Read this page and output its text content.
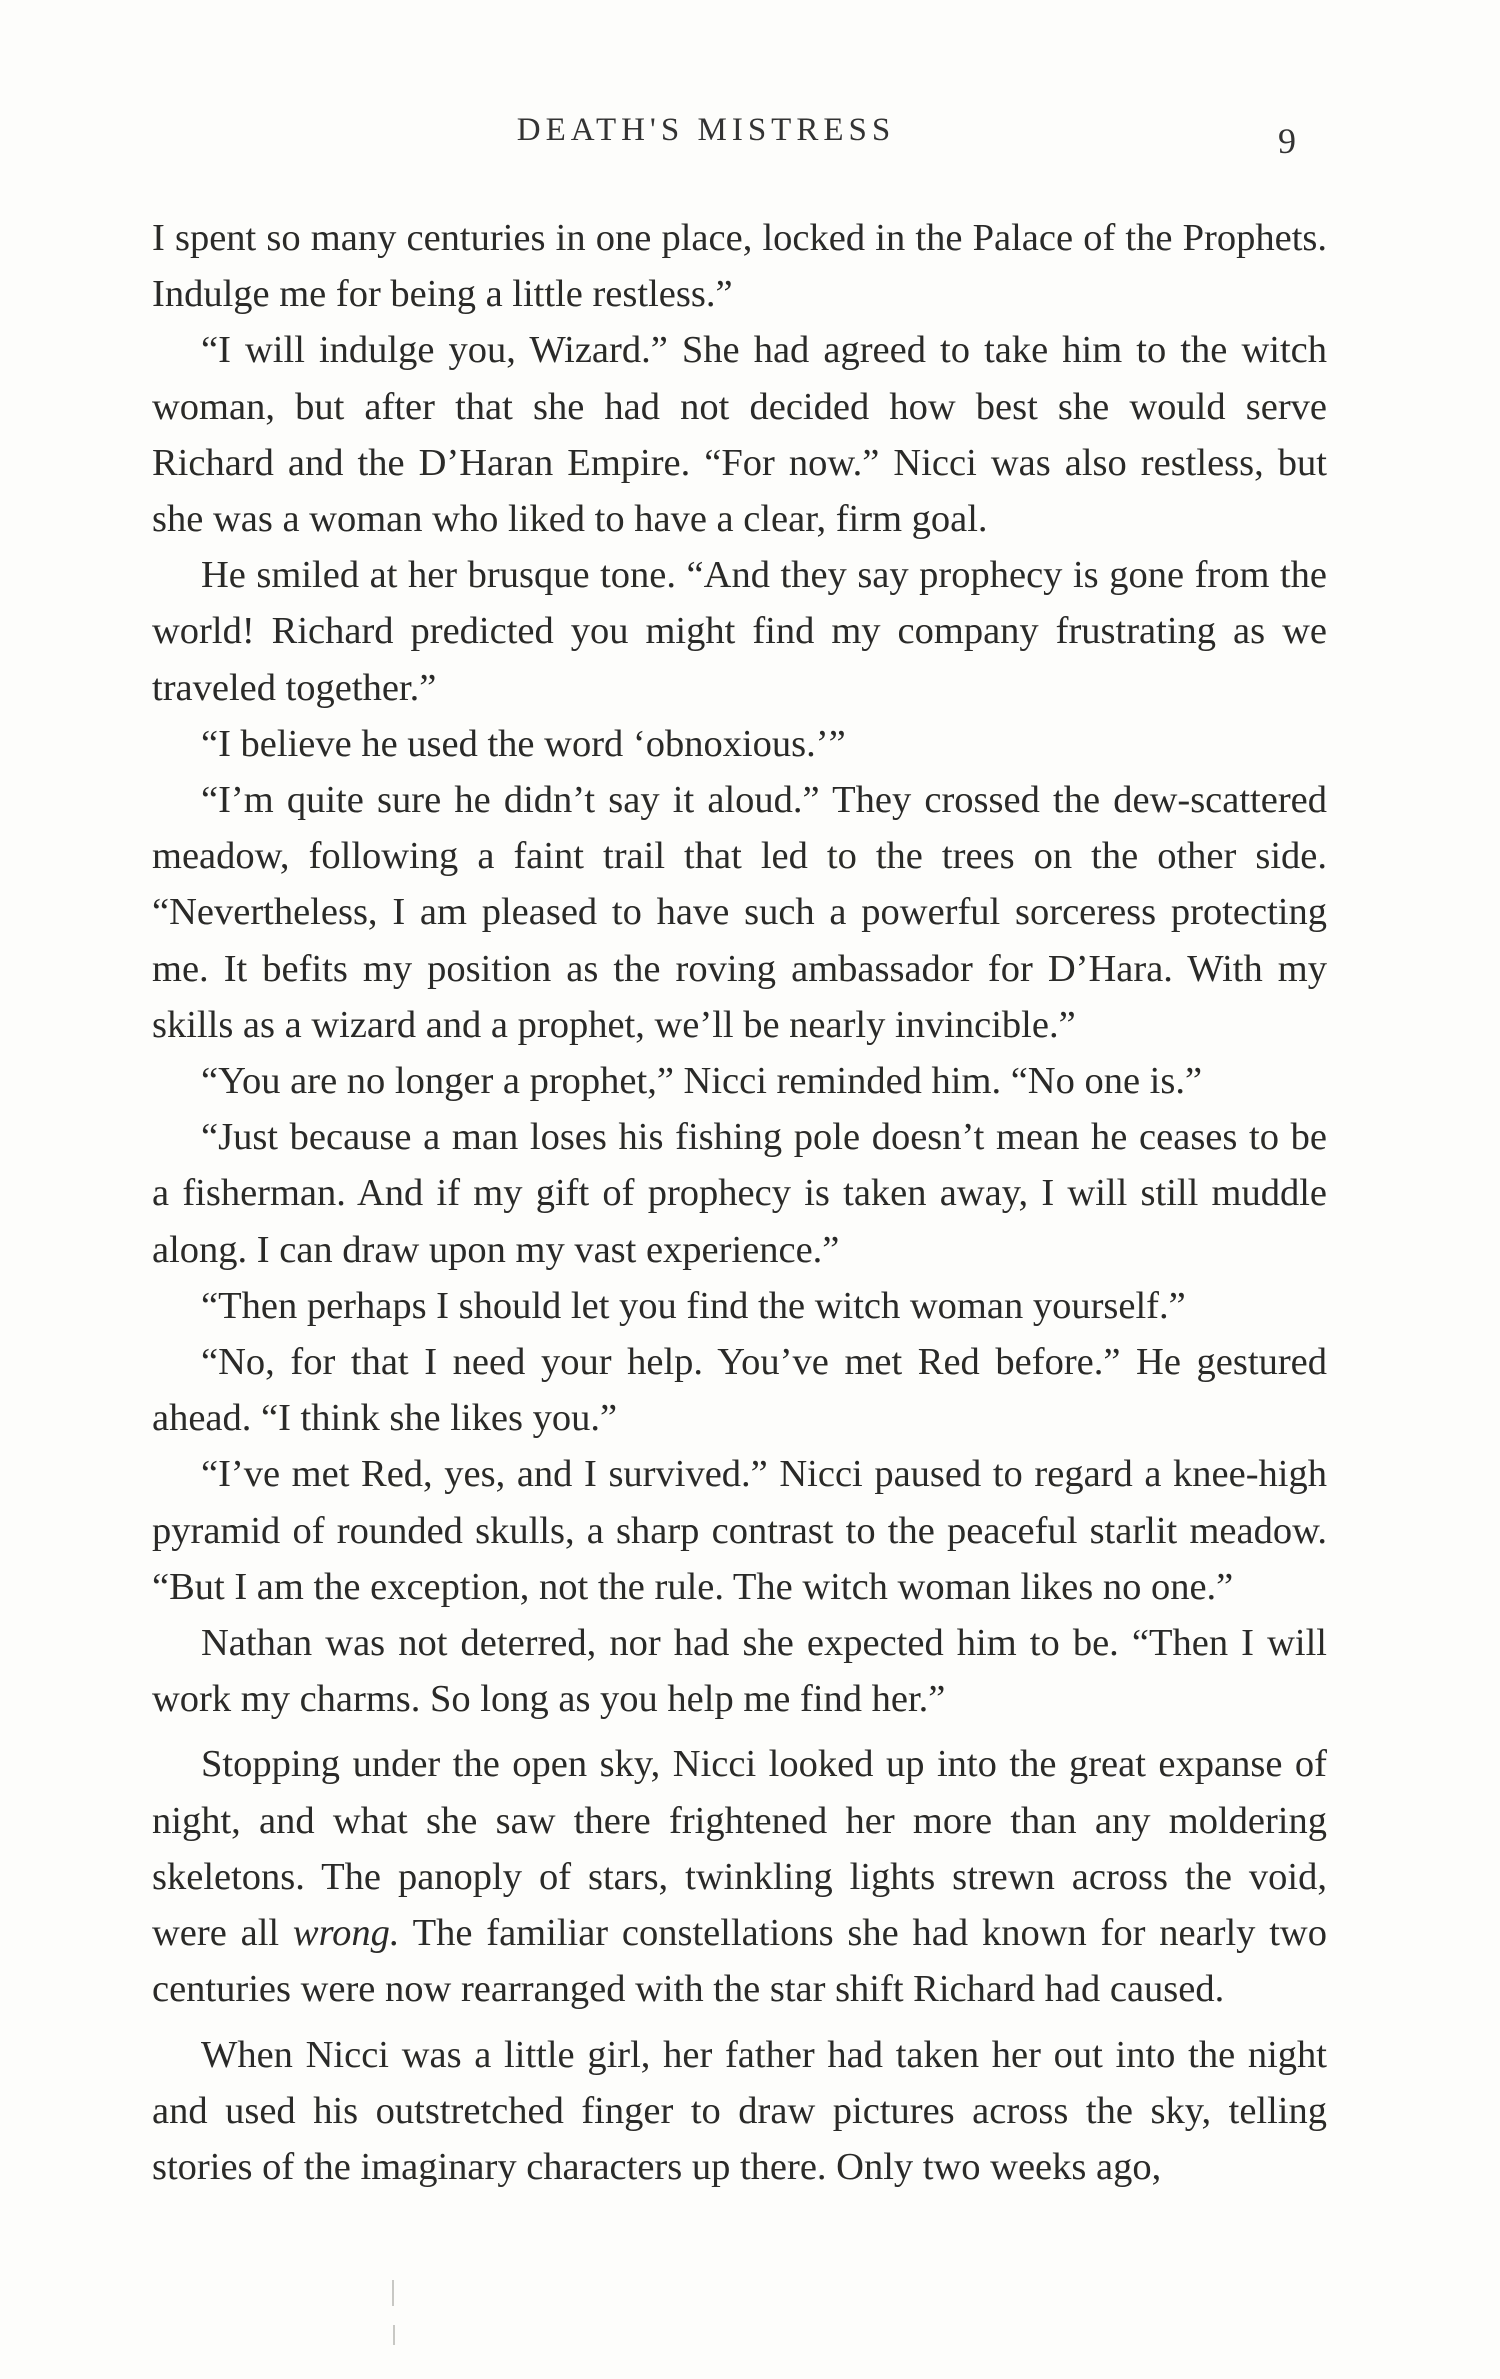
DEATH'S MISTRESS	9

I spent so many centuries in one place, locked in the Palace of the Prophets. Indulge me for being a little restless.”

“I will indulge you, Wizard.” She had agreed to take him to the witch woman, but after that she had not decided how best she would serve Richard and the D’Haran Empire. “For now.” Nicci was also restless, but she was a woman who liked to have a clear, firm goal.

He smiled at her brusque tone. “And they say prophecy is gone from the world! Richard predicted you might find my company frustrating as we traveled together.”

“I believe he used the word ‘obnoxious.’”

“I’m quite sure he didn’t say it aloud.” They crossed the dew-scattered meadow, following a faint trail that led to the trees on the other side. “Nevertheless, I am pleased to have such a powerful sorceress protecting me. It befits my position as the roving ambassador for D’Hara. With my skills as a wizard and a prophet, we’ll be nearly invincible.”

“You are no longer a prophet,” Nicci reminded him. “No one is.”

“Just because a man loses his fishing pole doesn’t mean he ceases to be a fisherman. And if my gift of prophecy is taken away, I will still muddle along. I can draw upon my vast experience.”

“Then perhaps I should let you find the witch woman yourself.”

“No, for that I need your help. You’ve met Red before.” He gestured ahead. “I think she likes you.”

“I’ve met Red, yes, and I survived.” Nicci paused to regard a knee-high pyramid of rounded skulls, a sharp contrast to the peaceful starlit meadow. “But I am the exception, not the rule. The witch woman likes no one.”

Nathan was not deterred, nor had she expected him to be. “Then I will work my charms. So long as you help me find her.”

Stopping under the open sky, Nicci looked up into the great expanse of night, and what she saw there frightened her more than any moldering skeletons. The panoply of stars, twinkling lights strewn across the void, were all wrong. The familiar constellations she had known for nearly two centuries were now rearranged with the star shift Richard had caused.

When Nicci was a little girl, her father had taken her out into the night and used his outstretched finger to draw pictures across the sky, telling stories of the imaginary characters up there. Only two weeks ago,
